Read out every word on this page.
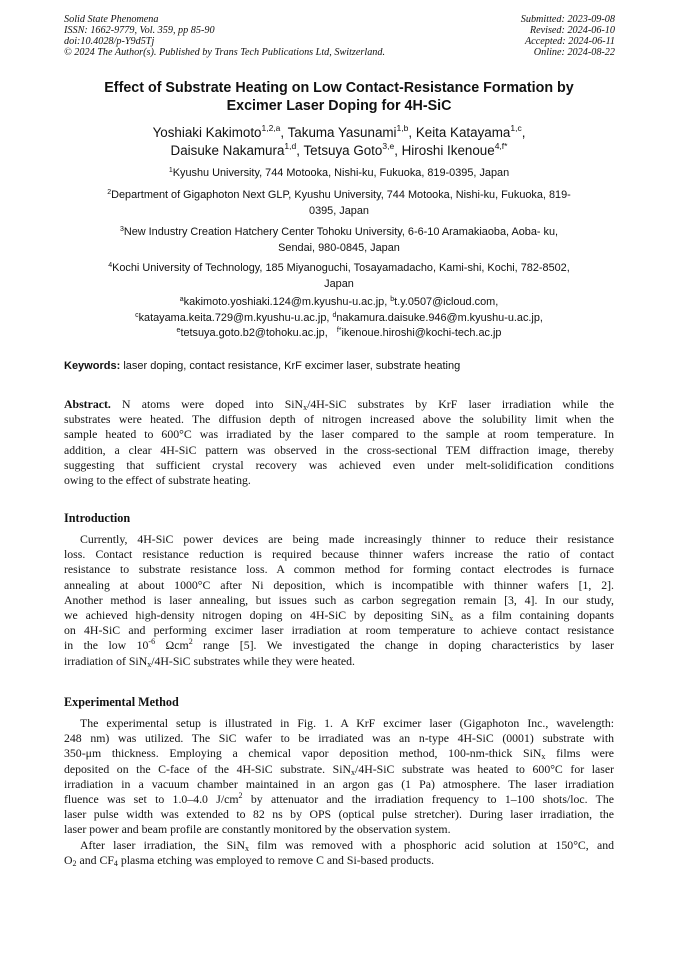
Solid State Phenomena
ISSN: 1662-9779, Vol. 359, pp 85-90
doi:10.4028/p-Y9d5Tj
© 2024 The Author(s). Published by Trans Tech Publications Ltd, Switzerland.
Submitted: 2023-09-08
Revised: 2024-06-10
Accepted: 2024-06-11
Online: 2024-08-22
Effect of Substrate Heating on Low Contact-Resistance Formation by
Excimer Laser Doping for 4H-SiC
Yoshiaki Kakimoto$^{1,2,a}$, Takuma Yasunami$^{1,b}$, Keita Katayama$^{1,c}$,
Daisuke Nakamura$^{1,d}$, Tetsuya Goto$^{3,e}$, Hiroshi Ikenoue$^{4,f*}$
$^1$Kyushu University, 744 Motooka, Nishi-ku, Fukuoka, 819-0395, Japan
$^2$Department of Gigaphoton Next GLP, Kyushu University, 744 Motooka, Nishi-ku, Fukuoka, 819-
0395, Japan
$^3$New Industry Creation Hatchery Center Tohoku University, 6-6-10 Aramakiaoba, Aoba- ku,
Sendai, 980-0845, Japan
$^4$Kochi University of Technology, 185 Miyanoguchi, Tosayamadacho, Kami-shi, Kochi, 782-8502,
Japan
$^a$kakimoto.yoshiaki.124@m.kyushu-u.ac.jp, $^b$t.y.0507@icloud.com,
$^c$katayama.keita.729@m.kyushu-u.ac.jp, $^d$nakamura.daisuke.946@m.kyushu-u.ac.jp,
$^e$tetsuya.goto.b2@tohoku.ac.jp, $^{f*}$ikenoue.hiroshi@kochi-tech.ac.jp
Keywords: laser doping, contact resistance, KrF excimer laser, substrate heating
Abstract. N atoms were doped into SiN$_x$/4H-SiC substrates by KrF laser irradiation while the
substrates were heated. The diffusion depth of nitrogen increased above the solubility limit when the
sample heated to 600°C was irradiated by the laser compared to the sample at room temperature. In
addition, a clear 4H-SiC pattern was observed in the cross-sectional TEM diffraction image, thereby
suggesting that sufficient crystal recovery was achieved even under melt-solidification conditions
owing to the effect of substrate heating.
Introduction
Currently, 4H-SiC power devices are being made increasingly thinner to reduce their resistance
loss. Contact resistance reduction is required because thinner wafers increase the ratio of contact
resistance to substrate resistance loss. A common method for forming contact electrodes is furnace
annealing at about 1000°C after Ni deposition, which is incompatible with thinner wafers [1, 2].
Another method is laser annealing, but issues such as carbon segregation remain [3, 4]. In our study,
we achieved high-density nitrogen doping on 4H-SiC by depositing SiN$_x$ as a film containing dopants
on 4H-SiC and performing excimer laser irradiation at room temperature to achieve contact resistance
in the low $10^{-6}$ Ωcm$^2$ range [5]. We investigated the change in doping characteristics by laser
irradiation of SiN$_x$/4H-SiC substrates while they were heated.
Experimental Method
The experimental setup is illustrated in Fig. 1. A KrF excimer laser (Gigaphoton Inc., wavelength:
248 nm) was utilized. The SiC wafer to be irradiated was an n-type 4H-SiC (0001) substrate with
350-μm thickness. Employing a chemical vapor deposition method, 100-nm-thick SiN$_x$ films were
deposited on the C-face of the 4H-SiC substrate. SiN$_x$/4H-SiC substrate was heated to 600°C for laser
irradiation in a vacuum chamber maintained in an argon gas (1 Pa) atmosphere. The laser irradiation
fluence was set to 1.0–4.0 $J/cm^2$ by attenuator and the irradiation frequency to 1–100 shots/loc. The
laser pulse width was extended to 82 ns by OPS (optical pulse stretcher). During laser irradiation, the
laser power and beam profile are constantly monitored by the observation system.
After laser irradiation, the SiN$_x$ film was removed with a phosphoric acid solution at 150°C, and
$O_2$ and $CF_4$ plasma etching was employed to remove C and Si-based products.
